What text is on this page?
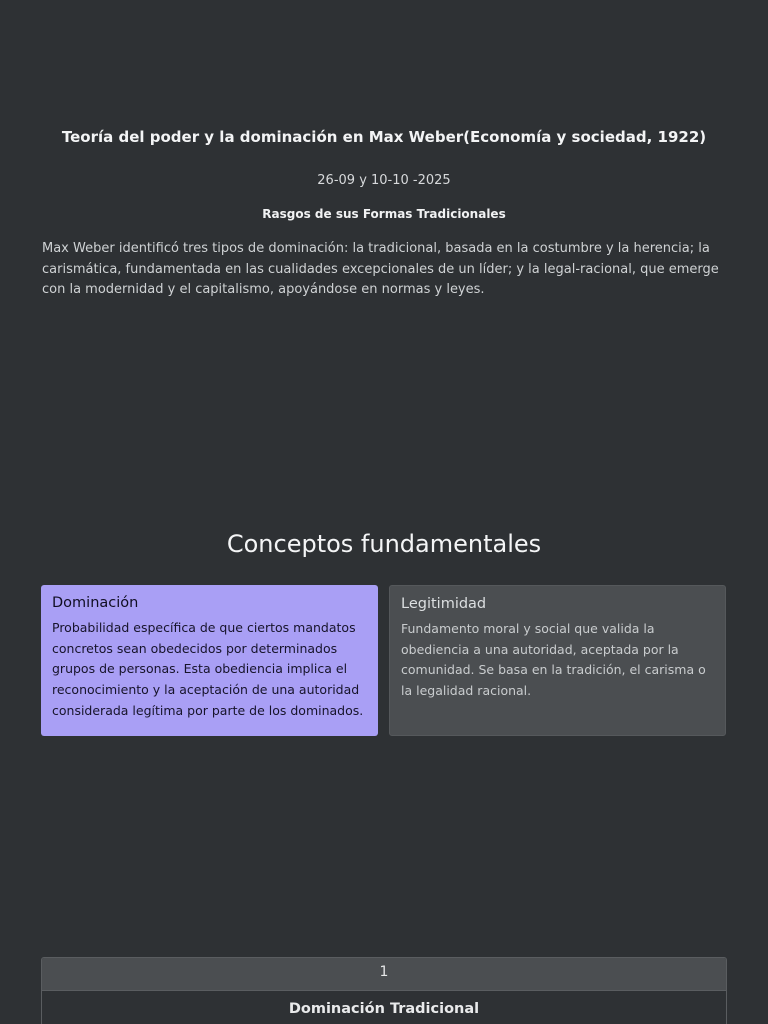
Teoría del poder y la dominación en Max Weber(Economía y sociedad, 1922)

26-09 y 10-10 -2025

Rasgos de sus Formas Tradicionales

Max Weber identificó tres tipos de dominación: la tradicional, basada en la costumbre y la herencia; la carismática, fundamentada en las cualidades excepcionales de un líder; y la legal-racional, que emerge con la modernidad y el capitalismo, apoyándose en normas y leyes.

Conceptos fundamentales
Dominación

Probabilidad específica de que ciertos mandatos concretos sean obedecidos por determinados grupos de personas. Esta obediencia implica el reconocimiento y la aceptación de una autoridad considerada legítima por parte de los dominados.

Legitimidad

Fundamento moral y social que valida la obediencia a una autoridad, aceptada por la comunidad. Se basa en la tradición, el carisma o la legalidad racional.

1
Dominación Tradicional
